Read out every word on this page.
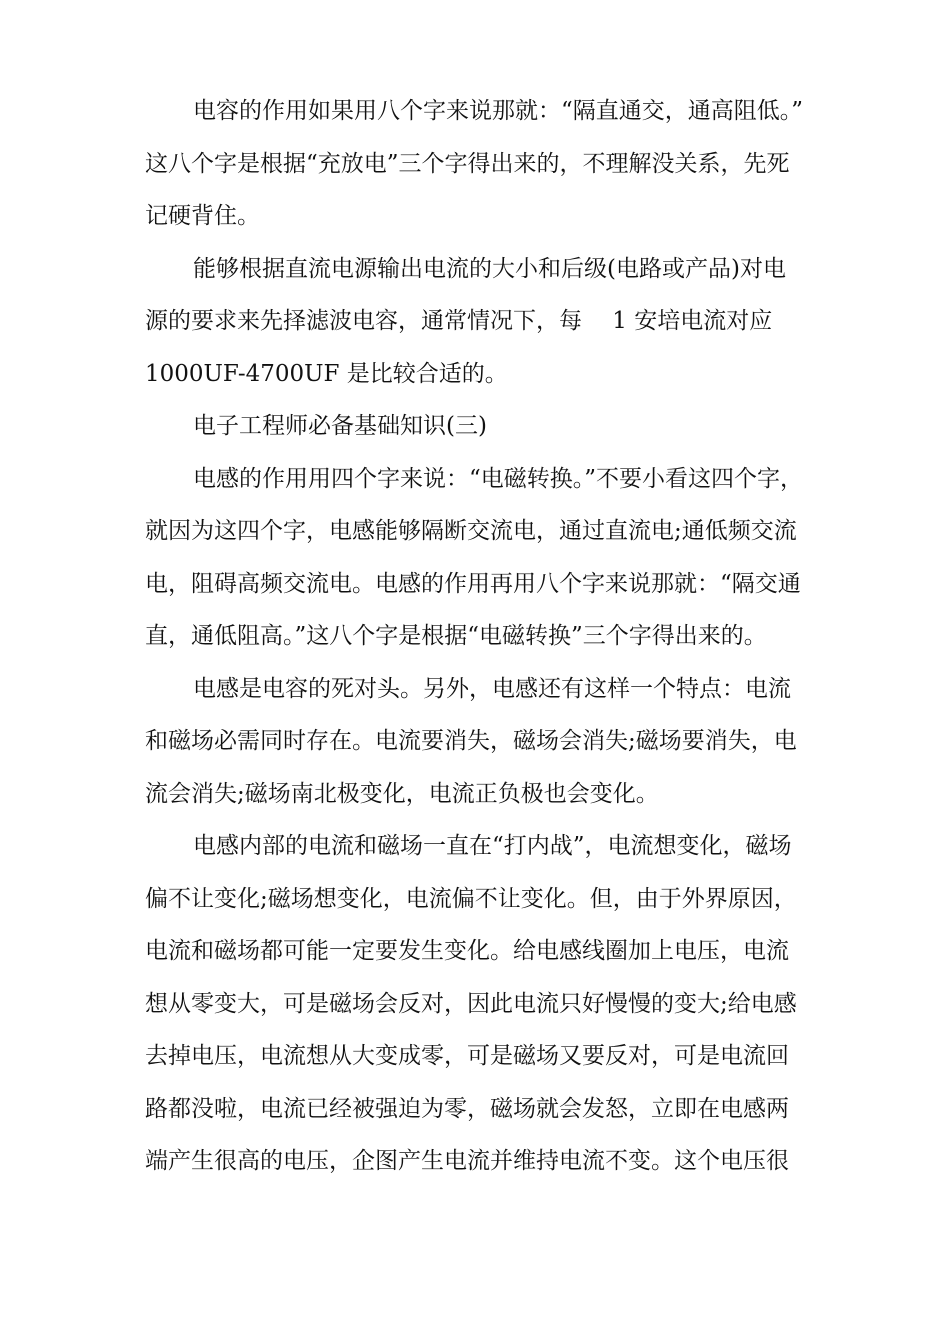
电容的作用如果用八个字来说那就：“隔直通交，通高阻低。”
这八个字是根据“充放电”三个字得出来的，不理解没关系，先死
记硬背住。
能够根据直流电源输出电流的大小和后级(电路或产品)对电
源的要求来先择滤波电容，通常情况下，每　 1 安培电流对应
1000UF-4700UF 是比较合适的。
电子工程师必备基础知识(三)
电感的作用用四个字来说：“电磁转换。”不要小看这四个字，
就因为这四个字，电感能够隔断交流电，通过直流电;通低频交流
电，阻碍高频交流电。电感的作用再用八个字来说那就：“隔交通
直，通低阻高。”这八个字是根据“电磁转换”三个字得出来的。
电感是电容的死对头。另外，电感还有这样一个特点：电流
和磁场必需同时存在。电流要消失，磁场会消失;磁场要消失，电
流会消失;磁场南北极变化，电流正负极也会变化。
电感内部的电流和磁场一直在“打内战”，电流想变化，磁场
偏不让变化;磁场想变化，电流偏不让变化。但，由于外界原因，
电流和磁场都可能一定要发生变化。给电感线圈加上电压，电流
想从零变大，可是磁场会反对，因此电流只好慢慢的变大;给电感
去掉电压，电流想从大变成零，可是磁场又要反对，可是电流回
路都没啦，电流已经被强迫为零，磁场就会发怒，立即在电感两
端产生很高的电压，企图产生电流并维持电流不变。这个电压很
